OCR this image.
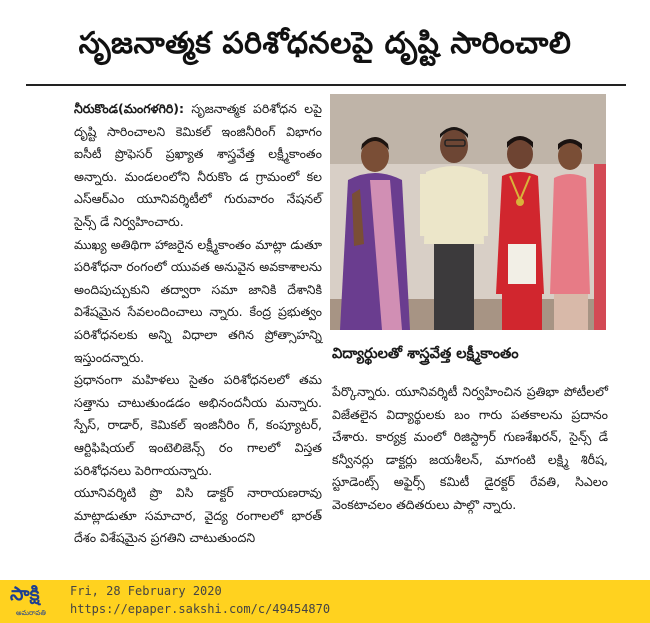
సృజనాత్మక పరిశోధనలపై దృష్టి సారించాలి

నీరుకొండ(మంగళగిరి): సృజనాత్మక పరిశోధన లపై దృష్టి సారించాలని కెమికల్ ఇంజినీరింగ్ విభాగం ఐసీటీ ప్రొఫెసర్ ప్రఖ్యాత శాస్త్రవేత్త లక్ష్మీకాంతం అన్నారు. మండలంలోని నీరుకొం డ గ్రామంలో కల ఎస్ఆర్ఎం యూనివర్శిటీలో గురువారం నేషనల్ సైన్స్ డే నిర్వహించారు.

ముఖ్య అతిథిగా హాజరైన లక్ష్మీకాంతం మాట్లా డుతూ పరిశోధనా రంగంలో యువత అనువైన అవకాశాలను అందిపుచ్చుకుని తద్వారా సమా జానికి దేశానికి విశేషమైన సేవలందించాలు న్నారు. కేంద్ర ప్రభుత్వం పరిశోధనలకు అన్ని విధాలా తగిన ప్రోత్సాహన్ని ఇస్తుందన్నారు.

ప్రధానంగా మహిళలు సైతం పరిశోధనలలో తమ సత్తాను చాటుతుండడం అభినందనీయ మన్నారు. స్పేస్, రాడార్, కెమికల్ ఇంజినీరిం గ్, కంప్యూటర్, ఆర్టిఫిషియల్ ఇంటెలిజెన్స్ రం గాలలో విస్తత పరిశోధనలు పెరిగాయన్నారు.

యూనివర్శిటి ప్రొ విసి డాక్టర్ నారాయణరావు మాట్లాడుతూ సమాచార, వైద్య రంగాలలో భారత్ దేశం విశేషమైన ప్రగతిని చాటుతుందని

విద్యార్థులతో శాస్త్రవేత్త లక్ష్మీకాంతం

పేర్కొన్నారు. యూనివర్శిటీ నిర్వహించిన ప్రతిభా పోటీలలో విజేతలైన విద్యార్థులకు బం గారు పతకాలను ప్రదానం చేశారు. కార్యక్ర మంలో రిజిస్ట్రార్ గుణశేఖరన్, సైన్స్ డే కన్వీనర్లు డాక్టర్లు జయశీలన్, మాగంటి లక్ష్మి శిరీష, స్టూడెంట్స్ అఫైర్స్ కమిటీ డైరక్టర్ రేవతి, సిఎలం వెంకటాచలం తదితరులు పాల్గొ న్నారు.

సాక్షి
అమరావతి
Fri, 28 February 2020
https://epaper.sakshi.com/c/49454870
